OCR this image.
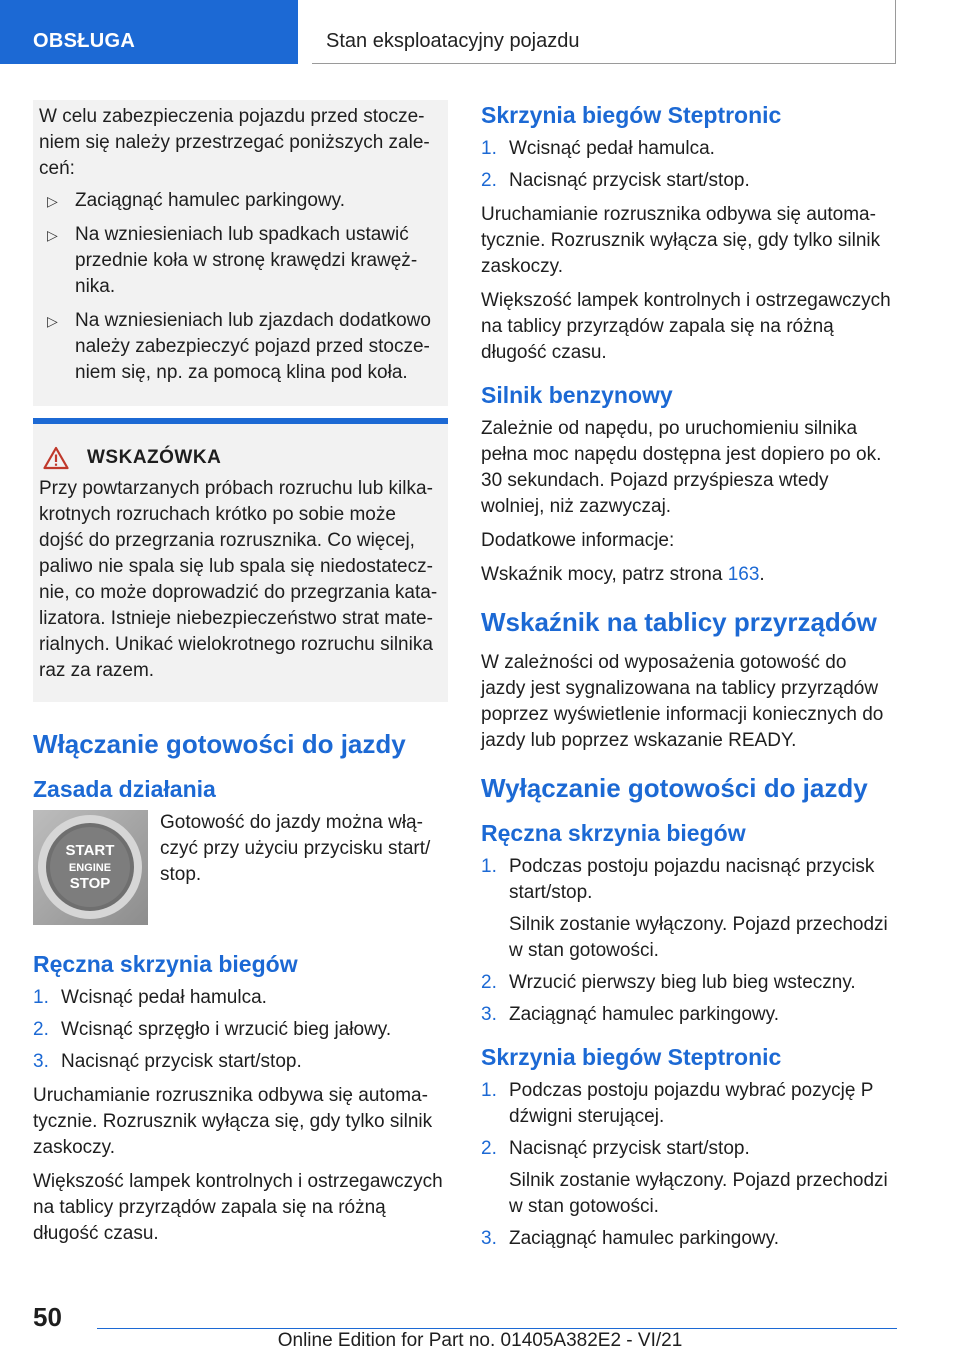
OBSŁUGA	Stan eksploatacyjny pojazdu

W celu zabezpieczenia pojazdu przed stoczeniem się należy przestrzegać poniższych zaleceń:

▷ Zaciągnąć hamulec parkingowy.
▷ Na wzniesieniach lub spadkach ustawić przednie koła w stronę krawędzi krawężnika.
▷ Na wzniesieniach lub zjazdach dodatkowo należy zabezpieczyć pojazd przed stoczeniem się, np. za pomocą klina pod koła.
WSKAZÓWKA

Przy powtarzanych próbach rozruchu lub kilkakrotnych rozruchach krótko po sobie może dojść do przegrzania rozrusznika. Co więcej, paliwo nie spala się lub spala się niedostatecznie, co może doprowadzić do przegrzania katalizatora. Istnieje niebezpieczeństwo strat materialnych. Unikać wielokrotnego rozruchu silnika raz za razem.

Włączanie gotowości do jazdy
Zasada działania
START
ENGINE
STOP

Gotowość do jazdy można włączyć przy użyciu przycisku start/ stop.

Ręczna skrzynia biegów
1. Wcisnąć pedał hamulca.
2. Wcisnąć sprzęgło i wrzucić bieg jałowy.
3. Nacisnąć przycisk start/stop.

Uruchamianie rozrusznika odbywa się automatycznie. Rozrusznik wyłącza się, gdy tylko silnik zaskoczy.

Większość lampek kontrolnych i ostrzegawczych na tablicy przyrządów zapala się na różną długość czasu.

Skrzynia biegów Steptronic
1. Wcisnąć pedał hamulca.
2. Nacisnąć przycisk start/stop.

Uruchamianie rozrusznika odbywa się automatycznie. Rozrusznik wyłącza się, gdy tylko silnik zaskoczy.

Większość lampek kontrolnych i ostrzegawczych na tablicy przyrządów zapala się na różną długość czasu.

Silnik benzynowy

Zależnie od napędu, po uruchomieniu silnika pełna moc napędu dostępna jest dopiero po ok. 30 sekundach. Pojazd przyśpiesza wtedy wolniej, niż zazwyczaj.

Dodatkowe informacje:

Wskaźnik mocy, patrz strona 163.

Wskaźnik na tablicy przyrządów

W zależności od wyposażenia gotowość do jazdy jest sygnalizowana na tablicy przyrządów poprzez wyświetlenie informacji koniecznych do jazdy lub poprzez wskazanie READY.

Wyłączanie gotowości do jazdy
Ręczna skrzynia biegów
1. Podczas postoju pojazdu nacisnąć przycisk start/stop.
Silnik zostanie wyłączony. Pojazd przechodzi w stan gotowości.
2. Wrzucić pierwszy bieg lub bieg wsteczny.
3. Zaciągnąć hamulec parkingowy.
Skrzynia biegów Steptronic
1. Podczas postoju pojazdu wybrać pozycję P dźwigni sterującej.
2. Nacisnąć przycisk start/stop.
Silnik zostanie wyłączony. Pojazd przechodzi w stan gotowości.
3. Zaciągnąć hamulec parkingowy.
50
Online Edition for Part no. 01405A382E2 - VI/21
